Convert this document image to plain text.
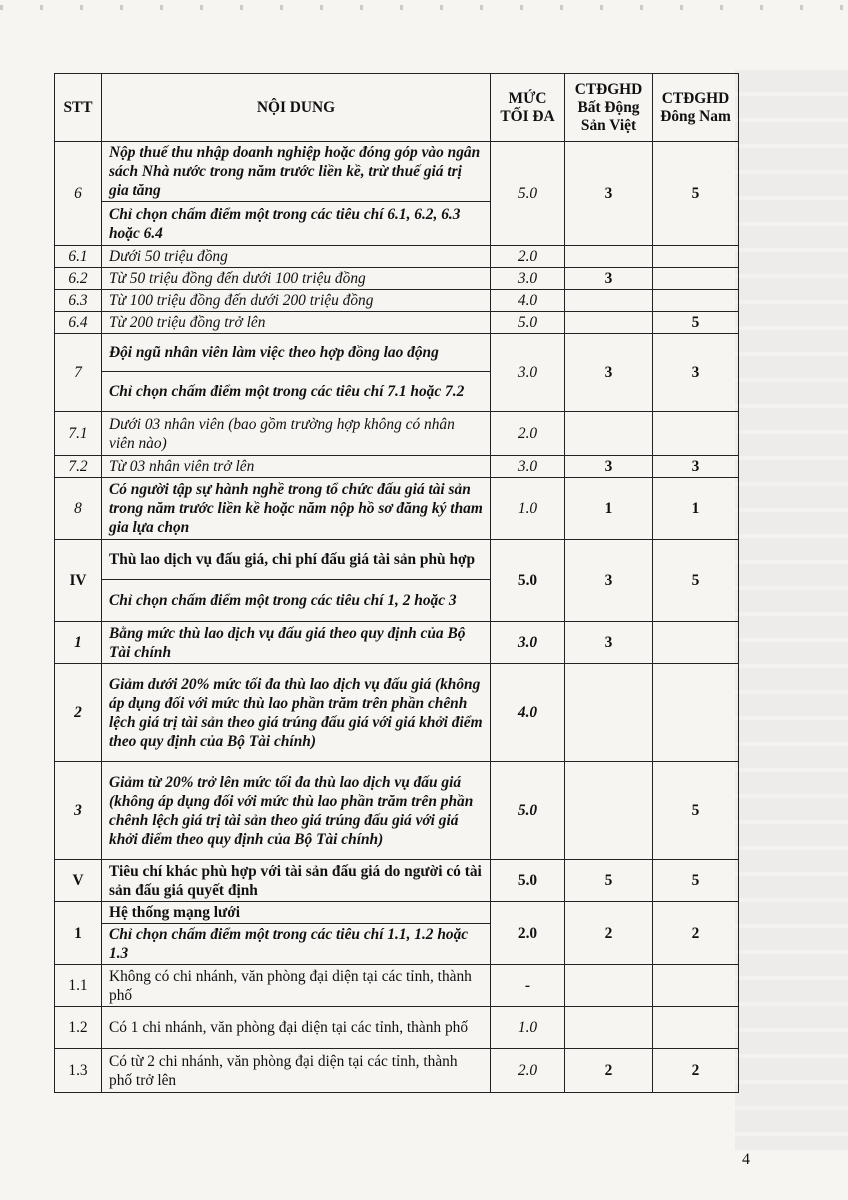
STT	NỘI DUNG	MỨC TỐI ĐA	CTĐGHD Bất Động Sản Việt	CTĐGHD Đông Nam
6	Nộp thuế thu nhập doanh nghiệp hoặc đóng góp vào ngân sách Nhà nước trong năm trước liền kề, trừ thuế giá trị gia tăng	5.0	3	5
	Chỉ chọn chấm điểm một trong các tiêu chí 6.1, 6.2, 6.3 hoặc 6.4			
6.1	Dưới 50 triệu đồng	2.0		
6.2	Từ 50 triệu đồng đến dưới 100 triệu đồng	3.0	3	
6.3	Từ 100 triệu đồng đến dưới 200 triệu đồng	4.0		
6.4	Từ 200 triệu đồng trở lên	5.0		5
7	Đội ngũ nhân viên làm việc theo hợp đồng lao động	3.0	3	3
	Chỉ chọn chấm điểm một trong các tiêu chí 7.1 hoặc 7.2			
7.1	Dưới 03 nhân viên (bao gồm trường hợp không có nhân viên nào)	2.0		
7.2	Từ 03 nhân viên trở lên	3.0	3	3
8	Có người tập sự hành nghề trong tổ chức đấu giá tài sản trong năm trước liền kề hoặc năm nộp hồ sơ đăng ký tham gia lựa chọn	1.0	1	1
IV	Thù lao dịch vụ đấu giá, chi phí đấu giá tài sản phù hợp	5.0	3	5
	Chỉ chọn chấm điểm một trong các tiêu chí 1, 2 hoặc 3			
1	Bằng mức thù lao dịch vụ đấu giá theo quy định của Bộ Tài chính	3.0	3	
2	Giảm dưới 20% mức tối đa thù lao dịch vụ đấu giá (không áp dụng đối với mức thù lao phần trăm trên phần chênh lệch giá trị tài sản theo giá trúng đấu giá với giá khởi điểm theo quy định của Bộ Tài chính)	4.0		
3	Giảm từ 20% trở lên mức tối đa thù lao dịch vụ đấu giá (không áp dụng đối với mức thù lao phần trăm trên phần chênh lệch giá trị tài sản theo giá trúng đấu giá với giá khởi điểm theo quy định của Bộ Tài chính)	5.0		5
V	Tiêu chí khác phù hợp với tài sản đấu giá do người có tài sản đấu giá quyết định	5.0	5	5
1	Hệ thống mạng lưới	2.0	2	2
	Chỉ chọn chấm điểm một trong các tiêu chí 1.1, 1.2 hoặc 1.3			
1.1	Không có chi nhánh, văn phòng đại diện tại các tỉnh, thành phố	-		
1.2	Có 1 chi nhánh, văn phòng đại diện tại các tỉnh, thành phố	1.0		
1.3	Có từ 2 chi nhánh, văn phòng đại diện tại các tỉnh, thành phố trở lên	2.0	2	2
4
